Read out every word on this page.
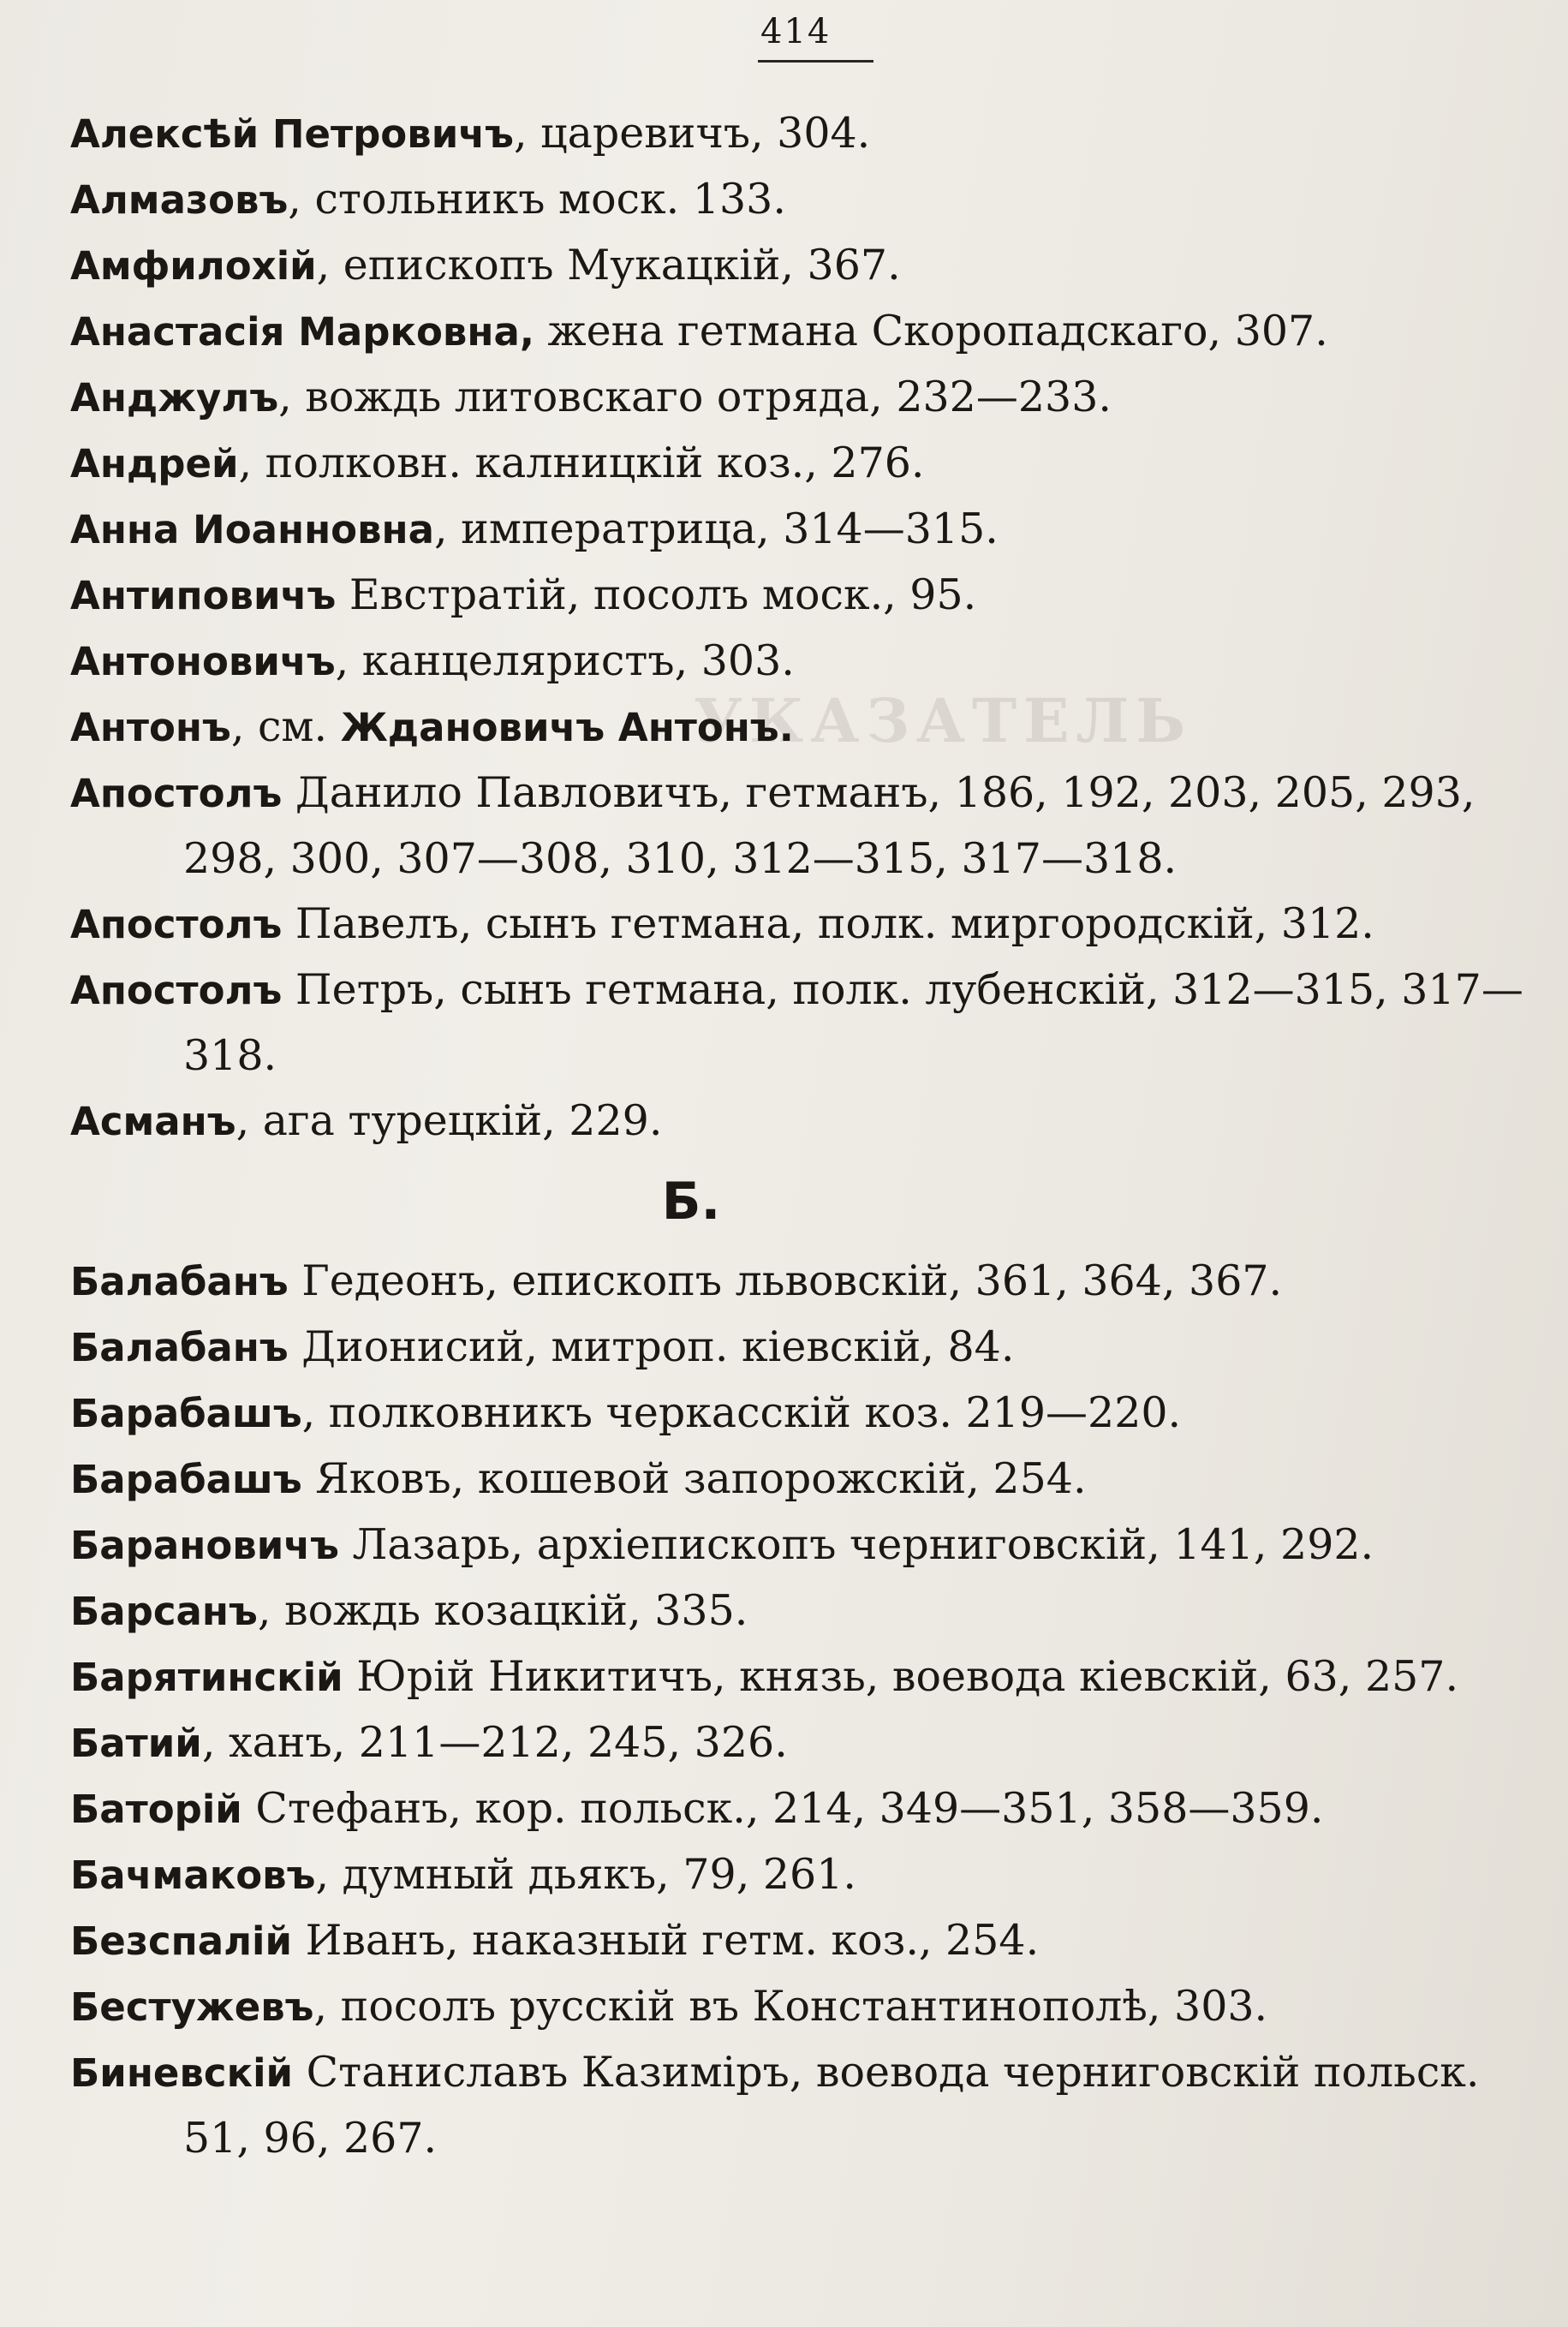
УКАЗАТЕЛЬ
414
Алексѣй Петровичъ, царевичъ, 304.
Алмазовъ, стольникъ моск. 133.
Амфилохій, епископъ Мукацкій, 367.
Анастасія Марковна, жена гетмана Скоропадскаго, 307.
Анджулъ, вождь литовскаго отряда, 232—233.
Андрей, полковн. калницкій коз., 276.
Анна Иоанновна, императрица, 314—315.
Антиповичъ Евстратій, посолъ моск., 95.
Антоновичъ, канцеляристъ, 303.
Антонъ, см. Ждановичъ Антонъ.
Апостолъ Данило Павловичъ, гетманъ, 186, 192, 203, 205, 293, 298, 300, 307—308, 310, 312—315, 317—318.
Апостолъ Павелъ, сынъ гетмана, полк. миргородскій, 312.
Апостолъ Петръ, сынъ гетмана, полк. лубенскій, 312—315, 317—318.
Асманъ, ага турецкій, 229.
Б.
Балабанъ Гедеонъ, епископъ львовскій, 361, 364, 367.
Балабанъ Дионисий, митроп. кіевскій, 84.
Барабашъ, полковникъ черкасскій коз. 219—220.
Барабашъ Яковъ, кошевой запорожскій, 254.
Барановичъ Лазарь, архіепископъ черниговскій, 141, 292.
Барсанъ, вождь козацкій, 335.
Барятинскій Юрій Никитичъ, князь, воевода кіевскій, 63, 257.
Батий, ханъ, 211—212, 245, 326.
Баторій Стефанъ, кор. польск., 214, 349—351, 358—359.
Бачмаковъ, думный дьякъ, 79, 261.
Безспалій Иванъ, наказный гетм. коз., 254.
Бестужевъ, посолъ русскій въ Константинополѣ, 303.
Биневскій Станиславъ Казиміръ, воевода черниговскій польск. 51, 96, 267.
